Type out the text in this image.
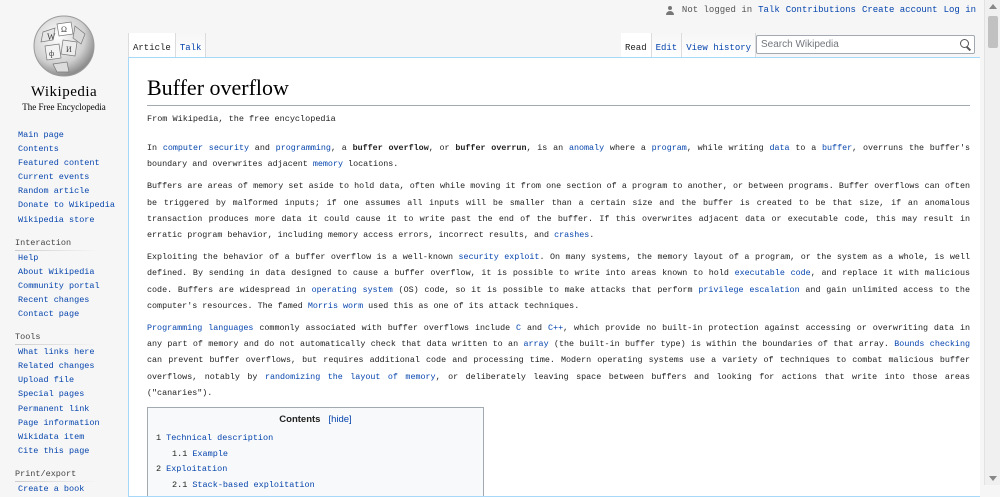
W
Ω
ф И
Wikipedia
The Free Encyclopedia
Not logged in Talk Contributions Create account Log in
Article Talk	Read Edit View history
Search Wikipedia
Main page
Contents
Featured content
Current events
Random article
Donate to Wikipedia
Wikipedia store
Interaction
Help
About Wikipedia
Community portal
Recent changes
Contact page
Tools
What links here
Related changes
Upload file
Special pages
Permanent link
Page information
Wikidata item
Cite this page
Print/export
Create a book
Buffer overflow
From Wikipedia, the free encyclopedia

In computer security and programming, a buffer overflow, or buffer overrun, is an anomaly where a program, while writing data to a buffer, overruns the buffer's boundary and overwrites adjacent memory locations.

Buffers are areas of memory set aside to hold data, often while moving it from one section of a program to another, or between programs. Buffer overflows can often be triggered by malformed inputs; if one assumes all inputs will be smaller than a certain size and the buffer is created to be that size, if an anomalous transaction produces more data it could cause it to write past the end of the buffer. If this overwrites adjacent data or executable code, this may result in erratic program behavior, including memory access errors, incorrect results, and crashes.

Exploiting the behavior of a buffer overflow is a well-known security exploit. On many systems, the memory layout of a program, or the system as a whole, is well defined. By sending in data designed to cause a buffer overflow, it is possible to write into areas known to hold executable code, and replace it with malicious code. Buffers are widespread in operating system (OS) code, so it is possible to make attacks that perform privilege escalation and gain unlimited access to the computer's resources. The famed Morris worm used this as one of its attack techniques.

Programming languages commonly associated with buffer overflows include C and C++, which provide no built-in protection against accessing or overwriting data in any part of memory and do not automatically check that data written to an array (the built-in buffer type) is within the boundaries of that array. Bounds checking can prevent buffer overflows, but requires additional code and processing time. Modern operating systems use a variety of techniques to combat malicious buffer overflows, notably by randomizing the layout of memory, or deliberately leaving space between buffers and looking for actions that write into those areas ("canaries").

Contents [hide]
1 Technical description
1.1 Example
2 Exploitation
2.1 Stack-based exploitation
